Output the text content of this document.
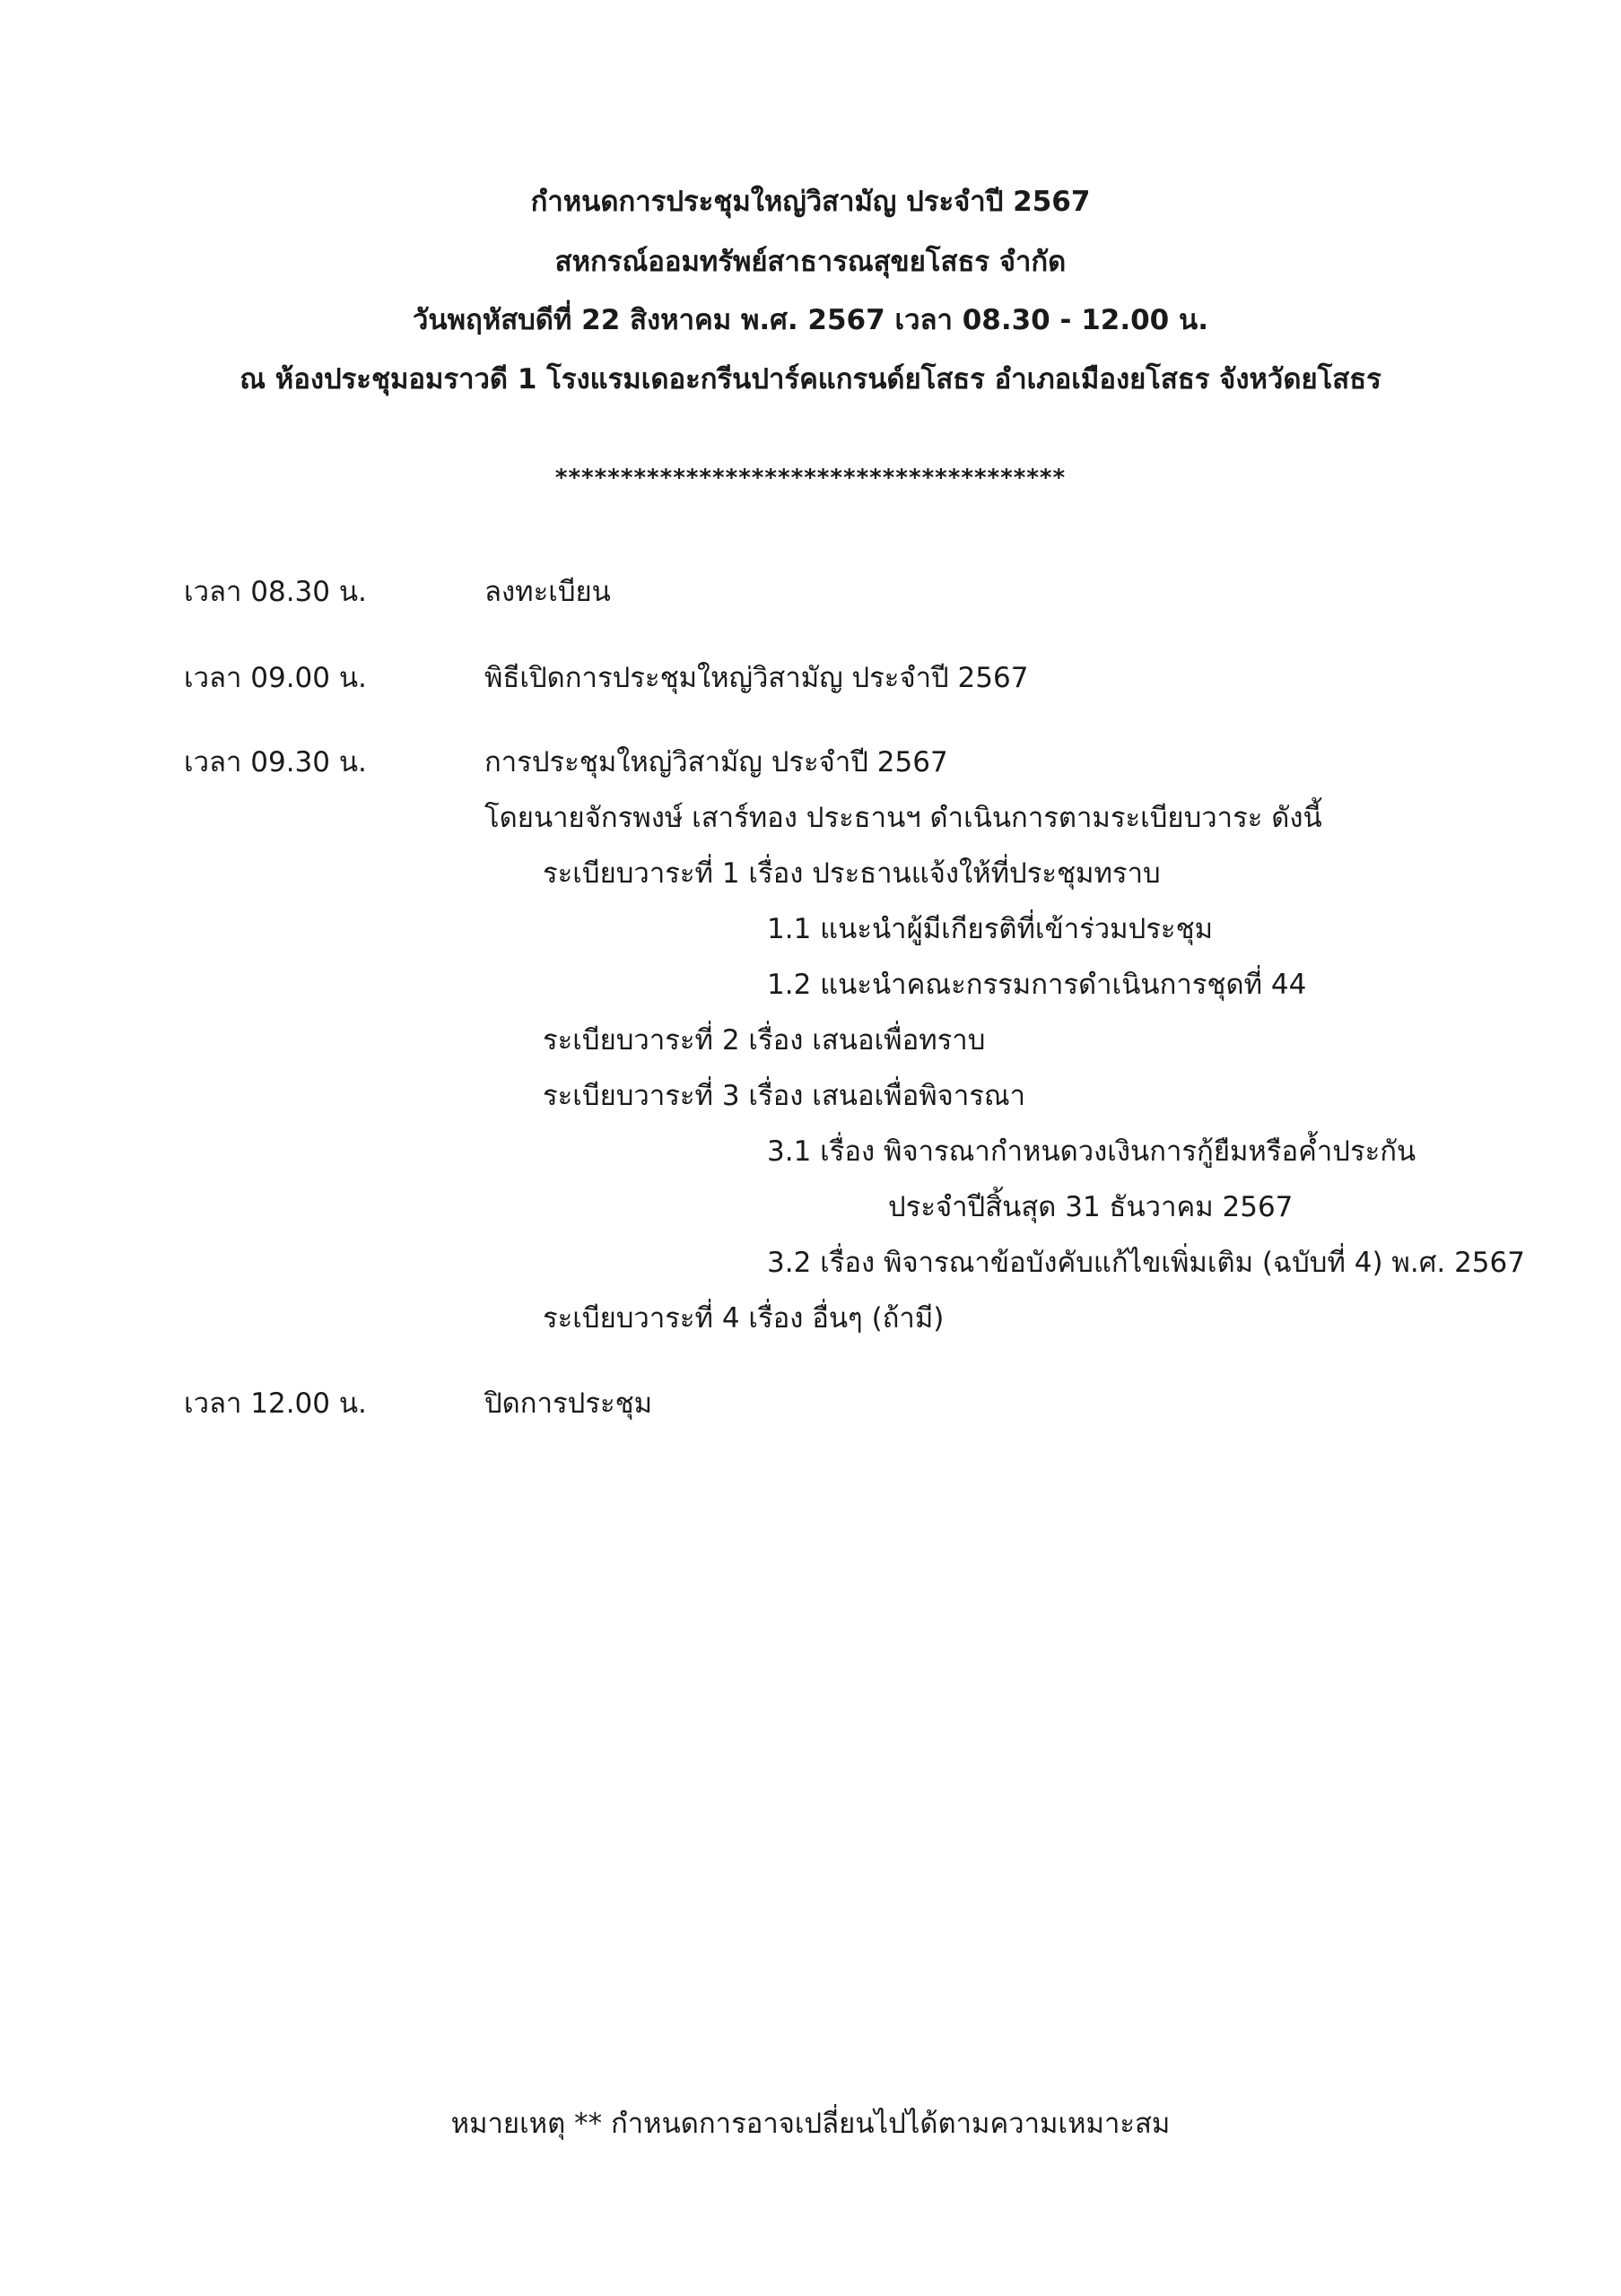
กำหนดการประชุมใหญ่วิสามัญ ประจำปี 2567
สหกรณ์ออมทรัพย์สาธารณสุขยโสธร จำกัด
วันพฤหัสบดีที่ 22 สิงหาคม พ.ศ. 2567 เวลา 08.30 - 12.00 น.
ณ ห้องประชุมอมราวดี 1 โรงแรมเดอะกรีนปาร์คแกรนด์ยโสธร อำเภอเมืองยโสธร จังหวัดยโสธร
***************************************
เวลา 08.30 น.	ลงทะเบียน
เวลา 09.00 น.	พิธีเปิดการประชุมใหญ่วิสามัญ ประจำปี 2567
เวลา 09.30 น.	การประชุมใหญ่วิสามัญ ประจำปี 2567
โดยนายจักรพงษ์ เสาร์ทอง ประธานฯ ดำเนินการตามระเบียบวาระ ดังนี้
ระเบียบวาระที่ 1 เรื่อง ประธานแจ้งให้ที่ประชุมทราบ
1.1 แนะนำผู้มีเกียรติที่เข้าร่วมประชุม
1.2 แนะนำคณะกรรมการดำเนินการชุดที่ 44
ระเบียบวาระที่ 2 เรื่อง เสนอเพื่อทราบ
ระเบียบวาระที่ 3 เรื่อง เสนอเพื่อพิจารณา
3.1 เรื่อง พิจารณากำหนดวงเงินการกู้ยืมหรือค้ำประกัน
ประจำปีสิ้นสุด 31 ธันวาคม 2567
3.2 เรื่อง พิจารณาข้อบังคับแก้ไขเพิ่มเติม (ฉบับที่ 4) พ.ศ. 2567
ระเบียบวาระที่ 4 เรื่อง อื่นๆ (ถ้ามี)
เวลา 12.00 น.	ปิดการประชุม
หมายเหตุ ** กำหนดการอาจเปลี่ยนไปได้ตามความเหมาะสม
